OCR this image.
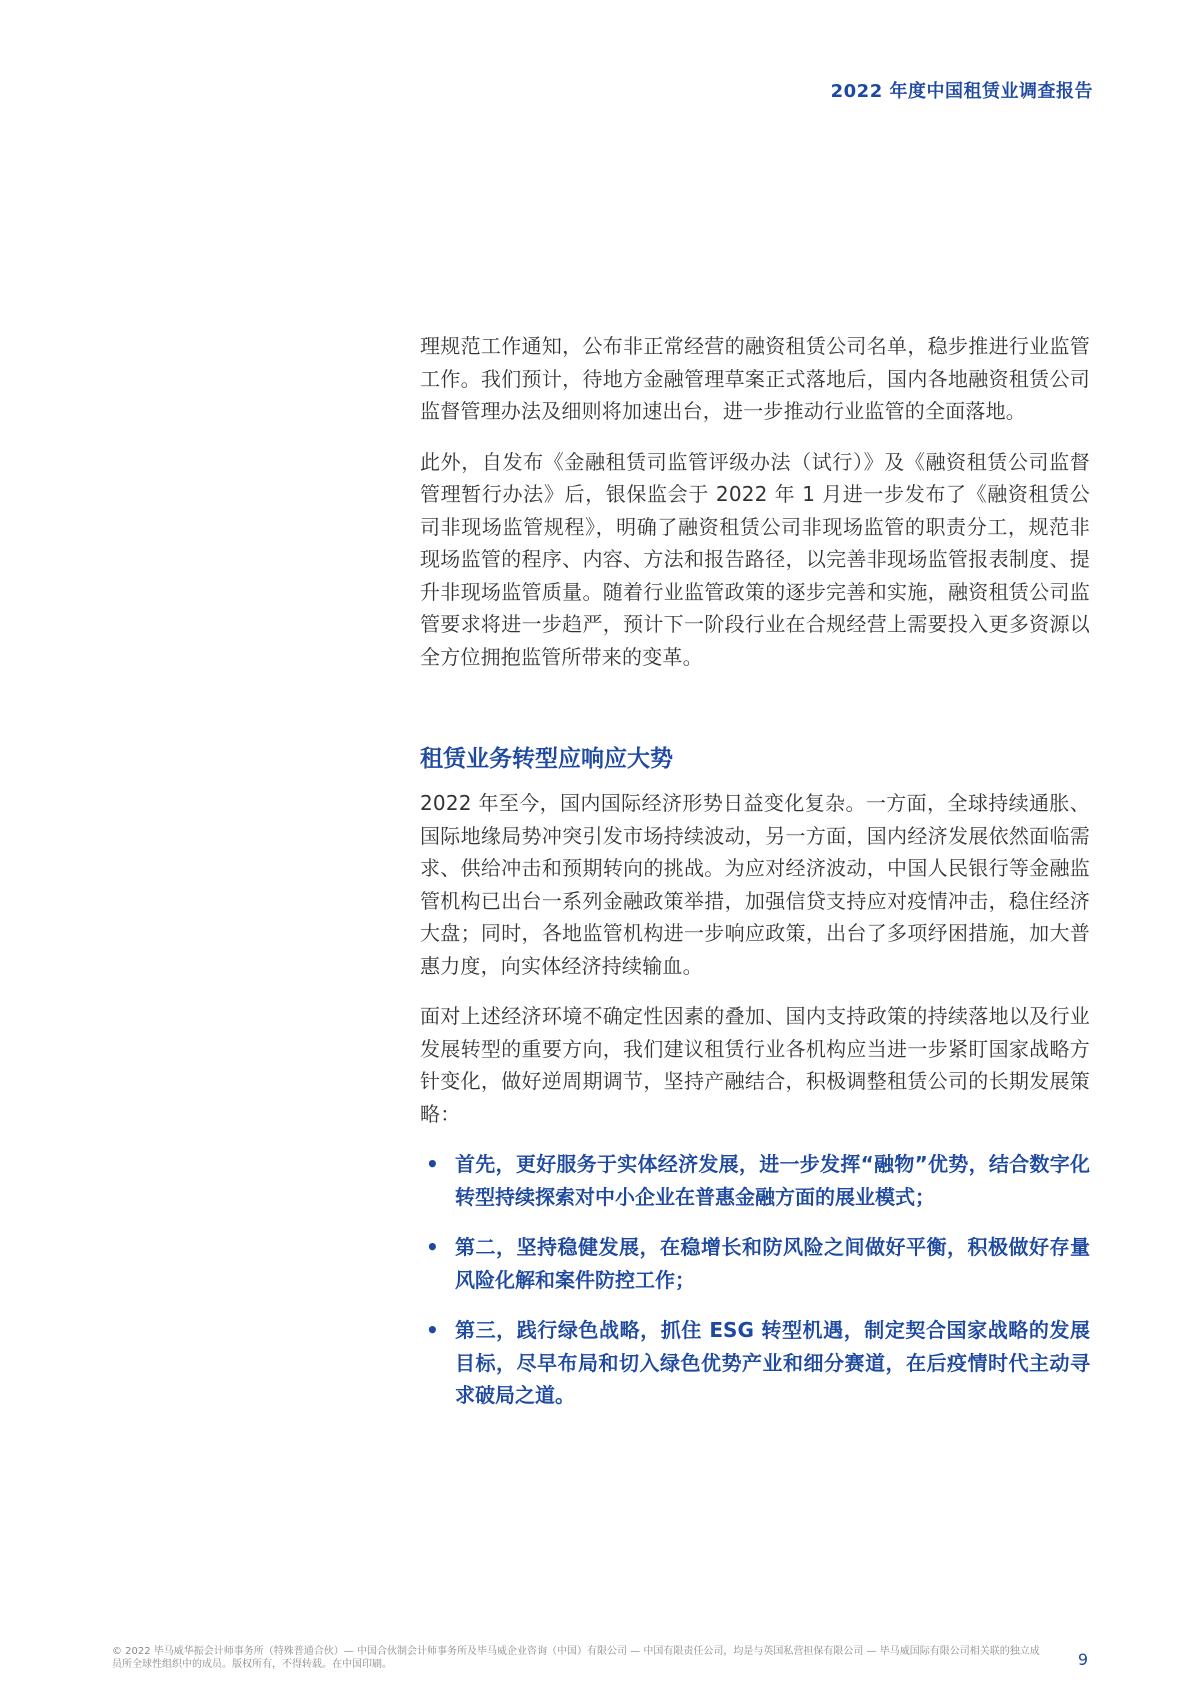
2022 年度中国租赁业调查报告

理规范工作通知，公布非正常经营的融资租赁公司名单，稳步推进行业监管工作。我们预计，待地方金融管理草案正式落地后，国内各地融资租赁公司监督管理办法及细则将加速出台，进一步推动行业监管的全面落地。

此外，自发布《金融租赁司监管评级办法（试行）》及《融资租赁公司监督管理暂行办法》后，银保监会于 2022 年 1 月进一步发布了《融资租赁公司非现场监管规程》，明确了融资租赁公司非现场监管的职责分工，规范非现场监管的程序、内容、方法和报告路径，以完善非现场监管报表制度、提升非现场监管质量。随着行业监管政策的逐步完善和实施，融资租赁公司监管要求将进一步趋严，预计下一阶段行业在合规经营上需要投入更多资源以全方位拥抱监管所带来的变革。

租赁业务转型应响应大势

2022 年至今，国内国际经济形势日益变化复杂。一方面，全球持续通胀、国际地缘局势冲突引发市场持续波动，另一方面，国内经济发展依然面临需求、供给冲击和预期转向的挑战。为应对经济波动，中国人民银行等金融监管机构已出台一系列金融政策举措，加强信贷支持应对疫情冲击，稳住经济大盘；同时，各地监管机构进一步响应政策，出台了多项纾困措施，加大普惠力度，向实体经济持续输血。

面对上述经济环境不确定性因素的叠加、国内支持政策的持续落地以及行业发展转型的重要方向，我们建议租赁行业各机构应当进一步紧盯国家战略方针变化，做好逆周期调节，坚持产融结合，积极调整租赁公司的长期发展策略：

• 首先，更好服务于实体经济发展，进一步发挥“融物”优势，结合数字化转型持续探索对中小企业在普惠金融方面的展业模式；
• 第二，坚持稳健发展，在稳增长和防风险之间做好平衡，积极做好存量风险化解和案件防控工作；
• 第三，践行绿色战略，抓住 ESG 转型机遇，制定契合国家战略的发展目标，尽早布局和切入绿色优势产业和细分赛道，在后疫情时代主动寻求破局之道。
© 2022 毕马威华振会计师事务所（特殊普通合伙）— 中国合伙制会计师事务所及毕马威企业咨询（中国）有限公司 — 中国有限责任公司，均是与英国私营担保有限公司 — 毕马威国际有限公司相关联的独立成员所全球性组织中的成员。版权所有，不得转载。在中国印刷。	9
